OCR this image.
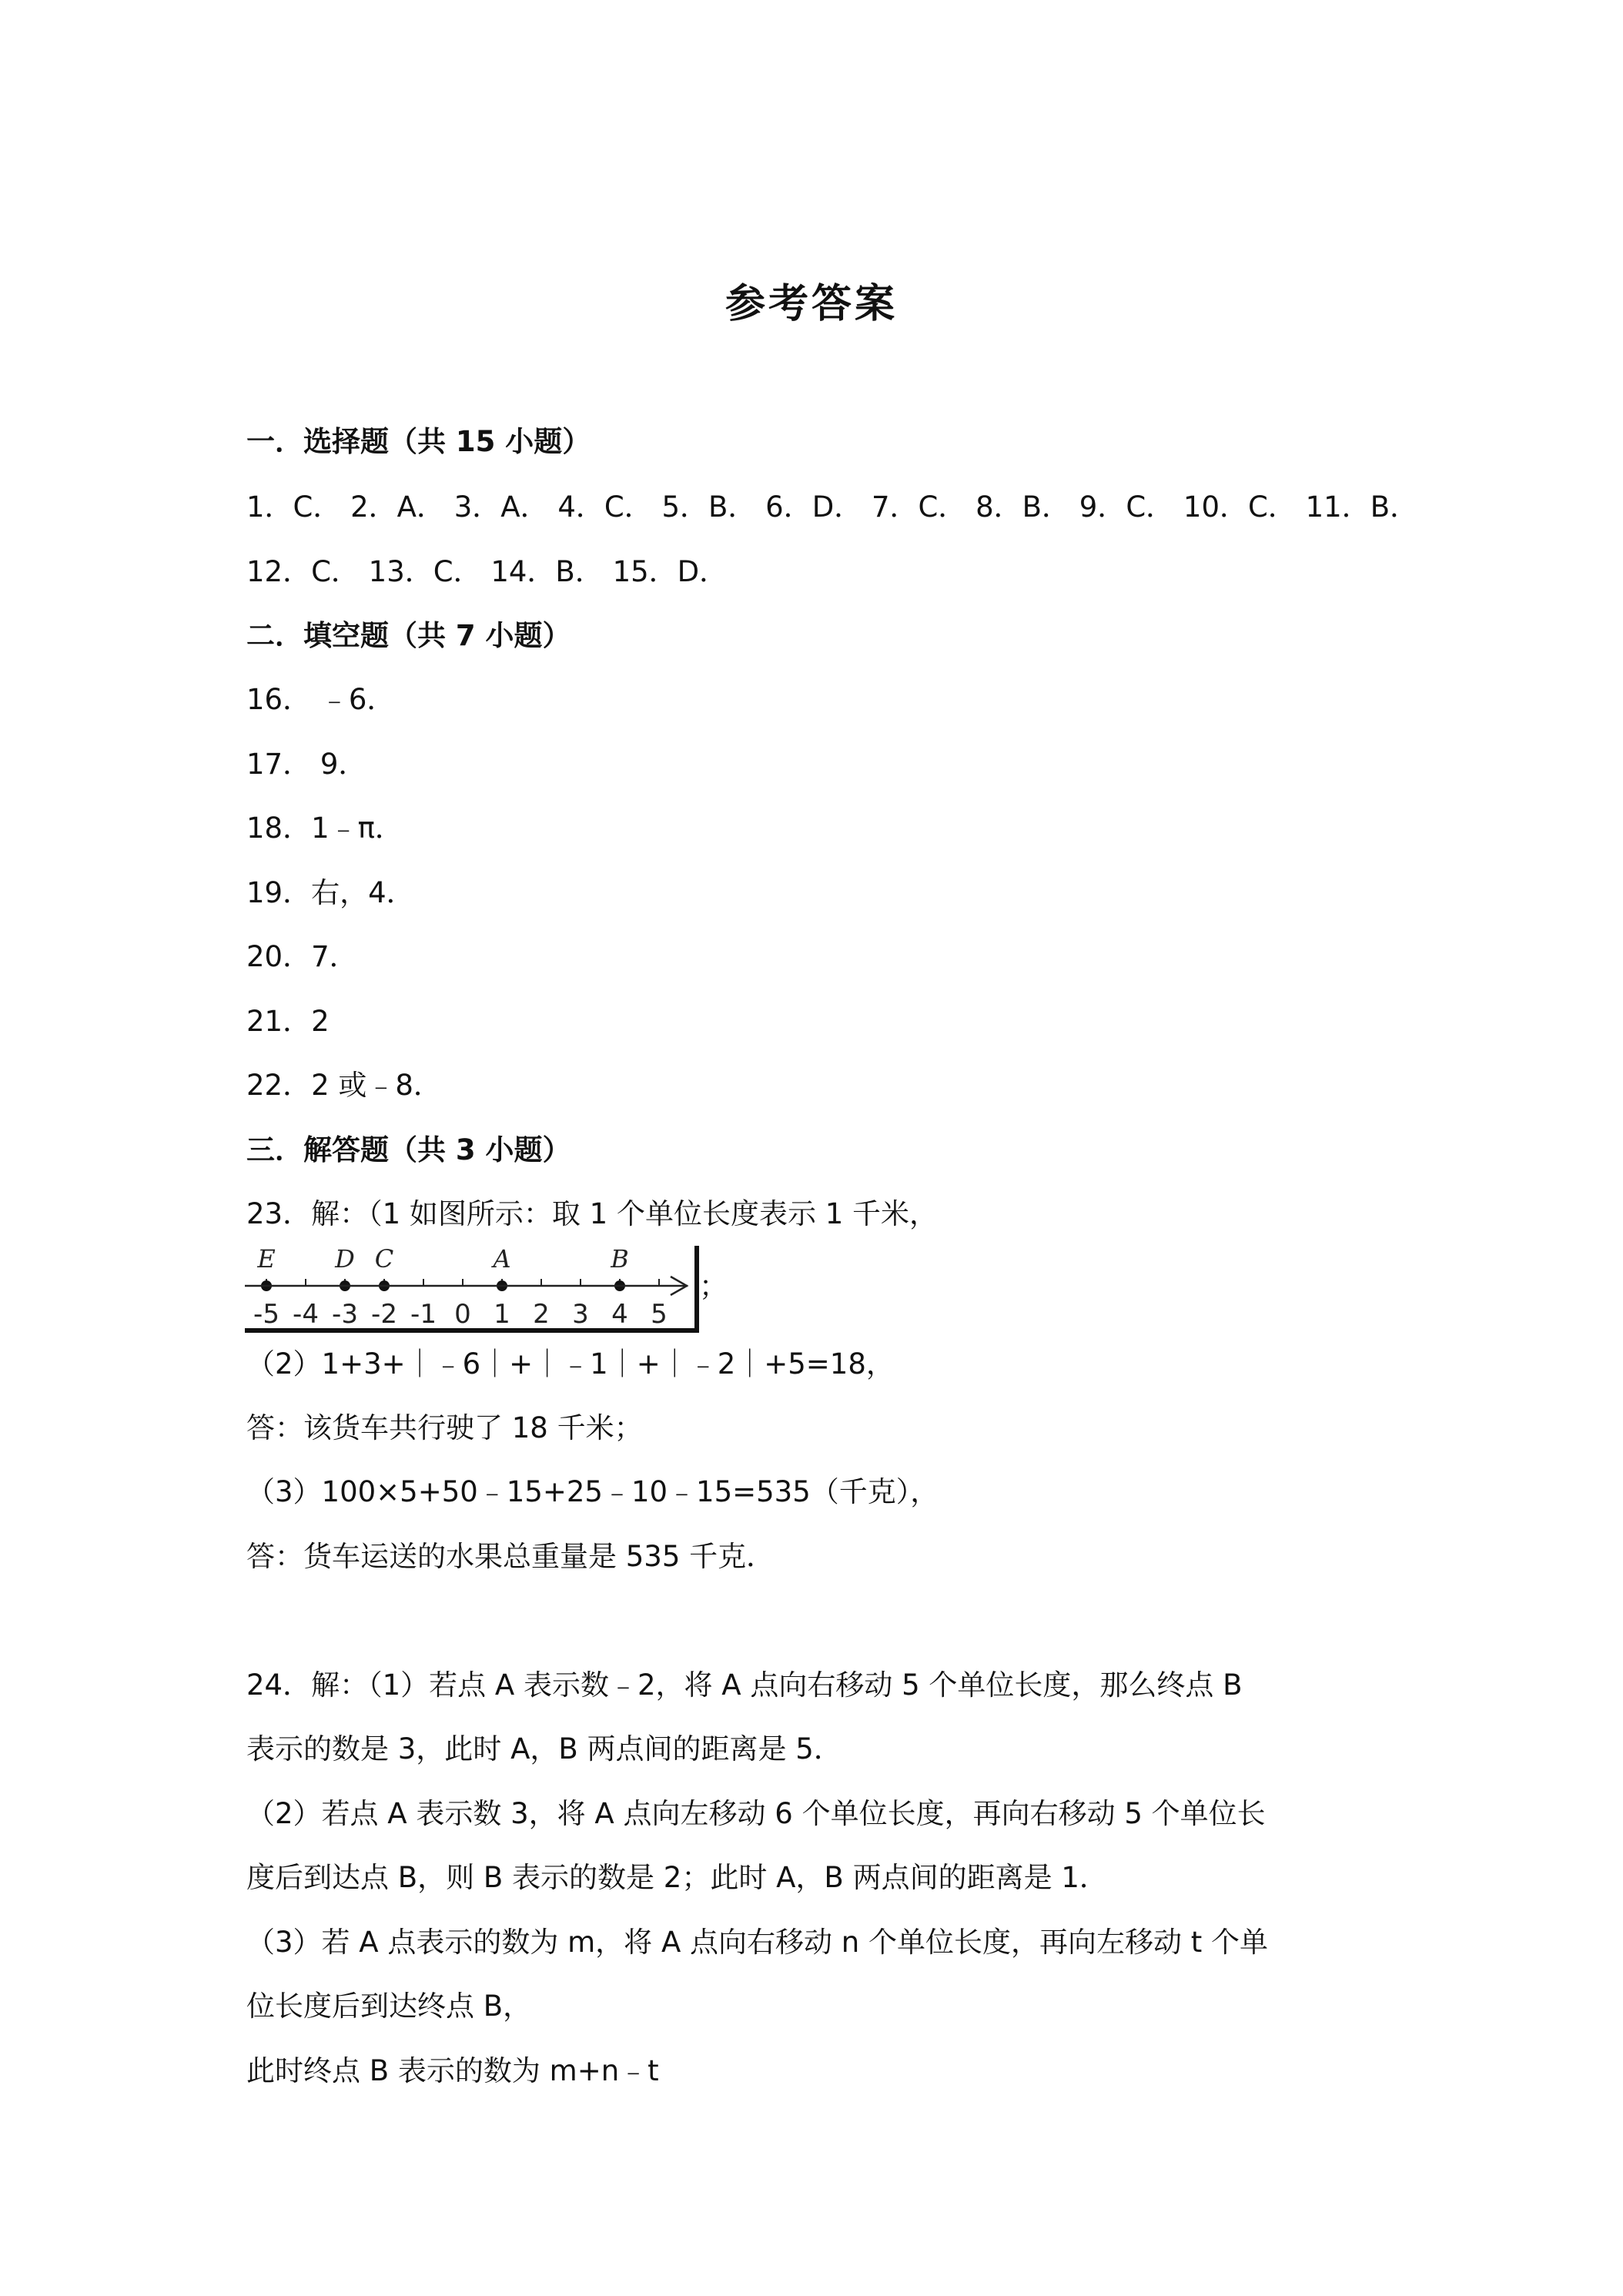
参考答案
一．选择题（共 15 小题）
1．C． 2．A． 3．A． 4．C． 5．B． 6．D． 7．C． 8．B． 9．C． 10．C． 11．B．
12．C． 13．C． 14．B． 15．D．
二．填空题（共 7 小题）
16． ﹣6．
17． 9．
18．1﹣π．
19．右，4．
20．7．
21．2
22．2 或﹣8．
三．解答题（共 3 小题）
23．解：（1 如图所示：取 1 个单位长度表示 1 千米，
-5 -4 -3 -2 -1 0 1 2 3 4 5
E D C	A	B
；
（2）1+3+｜﹣6｜+｜﹣1｜+｜﹣2｜+5=18，
答：该货车共行驶了 18 千米；
（3）100×5+50﹣15+25﹣10﹣15=535（千克），
答：货车运送的水果总重量是 535 千克．
24．解：（1）若点 A 表示数﹣2，将 A 点向右移动 5 个单位长度，那么终点 B
表示的数是 3，此时 A，B 两点间的距离是 5．
（2）若点 A 表示数 3，将 A 点向左移动 6 个单位长度，再向右移动 5 个单位长
度后到达点 B，则 B 表示的数是 2；此时 A，B 两点间的距离是 1．
（3）若 A 点表示的数为 m，将 A 点向右移动 n 个单位长度，再向左移动 t 个单
位长度后到达终点 B，
此时终点 B 表示的数为 m+n﹣t
